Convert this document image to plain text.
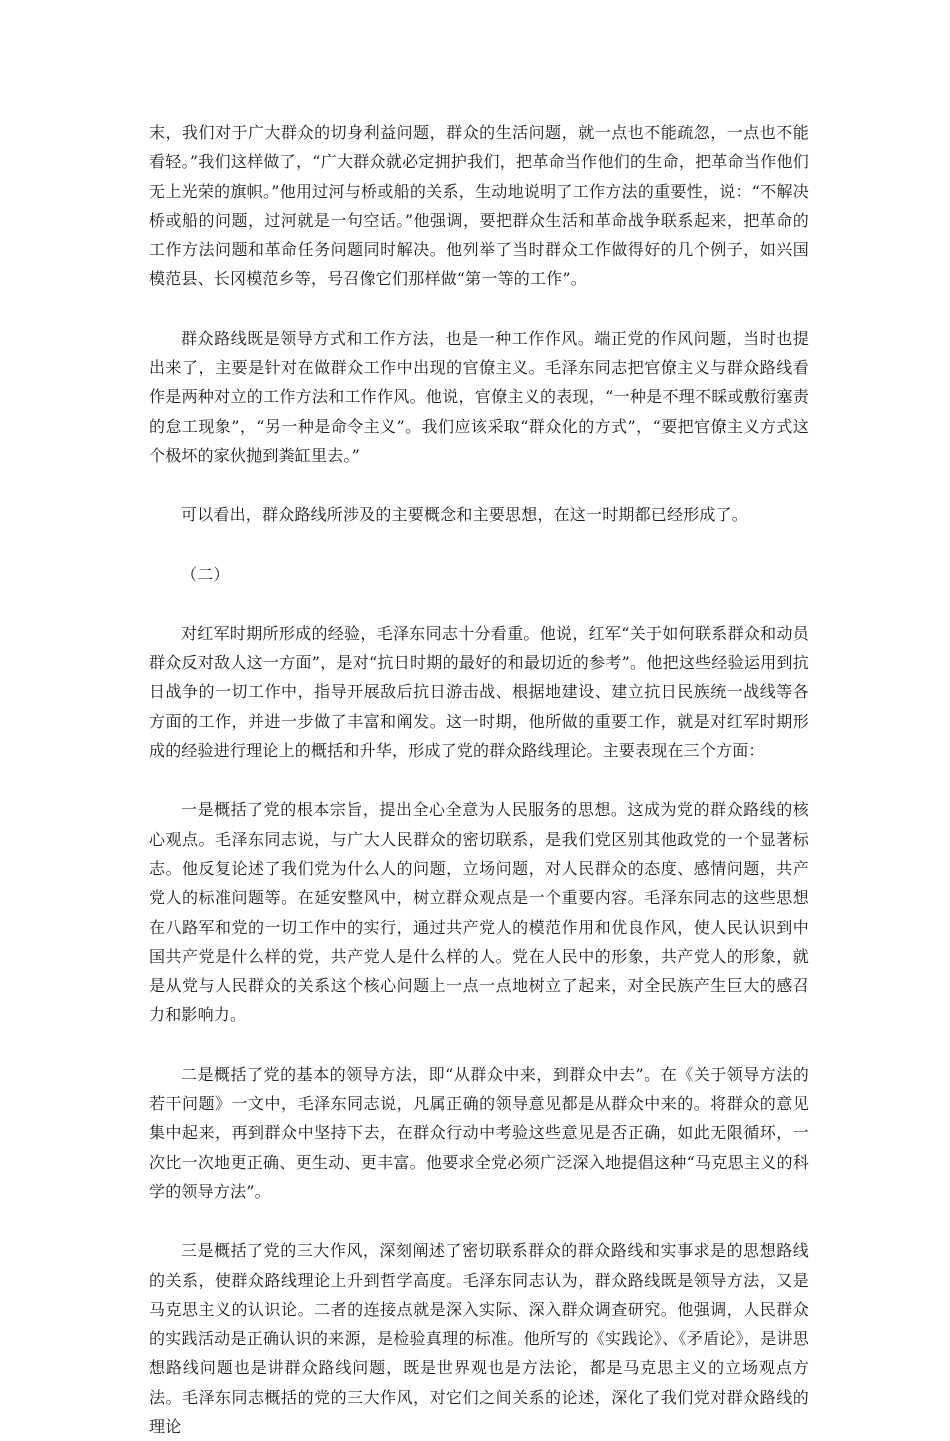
末，我们对于广大群众的切身利益问题，群众的生活问题，就一点也不能疏忽，一点也不能看轻。”我们这样做了，“广大群众就必定拥护我们，把革命当作他们的生命，把革命当作他们无上光荣的旗帜。”他用过河与桥或船的关系，生动地说明了工作方法的重要性，说：“不解决桥或船的问题，过河就是一句空话。”他强调，要把群众生活和革命战争联系起来，把革命的工作方法问题和革命任务问题同时解决。他列举了当时群众工作做得好的几个例子，如兴国模范县、长冈模范乡等，号召像它们那样做“第一等的工作”。

群众路线既是领导方式和工作方法，也是一种工作作风。端正党的作风问题，当时也提出来了，主要是针对在做群众工作中出现的官僚主义。毛泽东同志把官僚主义与群众路线看作是两种对立的工作方法和工作作风。他说，官僚主义的表现，“一种是不理不睬或敷衍塞责的怠工现象”，“另一种是命令主义”。我们应该采取“群众化的方式”，“要把官僚主义方式这个极坏的家伙抛到粪缸里去。”

可以看出，群众路线所涉及的主要概念和主要思想，在这一时期都已经形成了。

（二）

对红军时期所形成的经验，毛泽东同志十分看重。他说，红军“关于如何联系群众和动员群众反对敌人这一方面”，是对“抗日时期的最好的和最切近的参考”。他把这些经验运用到抗日战争的一切工作中，指导开展敌后抗日游击战、根据地建设、建立抗日民族统一战线等各方面的工作，并进一步做了丰富和阐发。这一时期，他所做的重要工作，就是对红军时期形成的经验进行理论上的概括和升华，形成了党的群众路线理论。主要表现在三个方面：

一是概括了党的根本宗旨，提出全心全意为人民服务的思想。这成为党的群众路线的核心观点。毛泽东同志说，与广大人民群众的密切联系，是我们党区别其他政党的一个显著标志。他反复论述了我们党为什么人的问题，立场问题，对人民群众的态度、感情问题，共产党人的标准问题等。在延安整风中，树立群众观点是一个重要内容。毛泽东同志的这些思想在八路军和党的一切工作中的实行，通过共产党人的模范作用和优良作风，使人民认识到中国共产党是什么样的党，共产党人是什么样的人。党在人民中的形象，共产党人的形象，就是从党与人民群众的关系这个核心问题上一点一点地树立了起来，对全民族产生巨大的感召力和影响力。

二是概括了党的基本的领导方法，即“从群众中来，到群众中去”。在《关于领导方法的若干问题》一文中，毛泽东同志说，凡属正确的领导意见都是从群众中来的。将群众的意见集中起来，再到群众中坚持下去，在群众行动中考验这些意见是否正确，如此无限循环，一次比一次地更正确、更生动、更丰富。他要求全党必须广泛深入地提倡这种“马克思主义的科学的领导方法”。

三是概括了党的三大作风，深刻阐述了密切联系群众的群众路线和实事求是的思想路线的关系，使群众路线理论上升到哲学高度。毛泽东同志认为，群众路线既是领导方法，又是马克思主义的认识论。二者的连接点就是深入实际、深入群众调查研究。他强调，人民群众的实践活动是正确认识的来源，是检验真理的标准。他所写的《实践论》、《矛盾论》，是讲思想路线问题也是讲群众路线问题，既是世界观也是方法论，都是马克思主义的立场观点方法。毛泽东同志概括的党的三大作风，对它们之间关系的论述，深化了我们党对群众路线的理论
